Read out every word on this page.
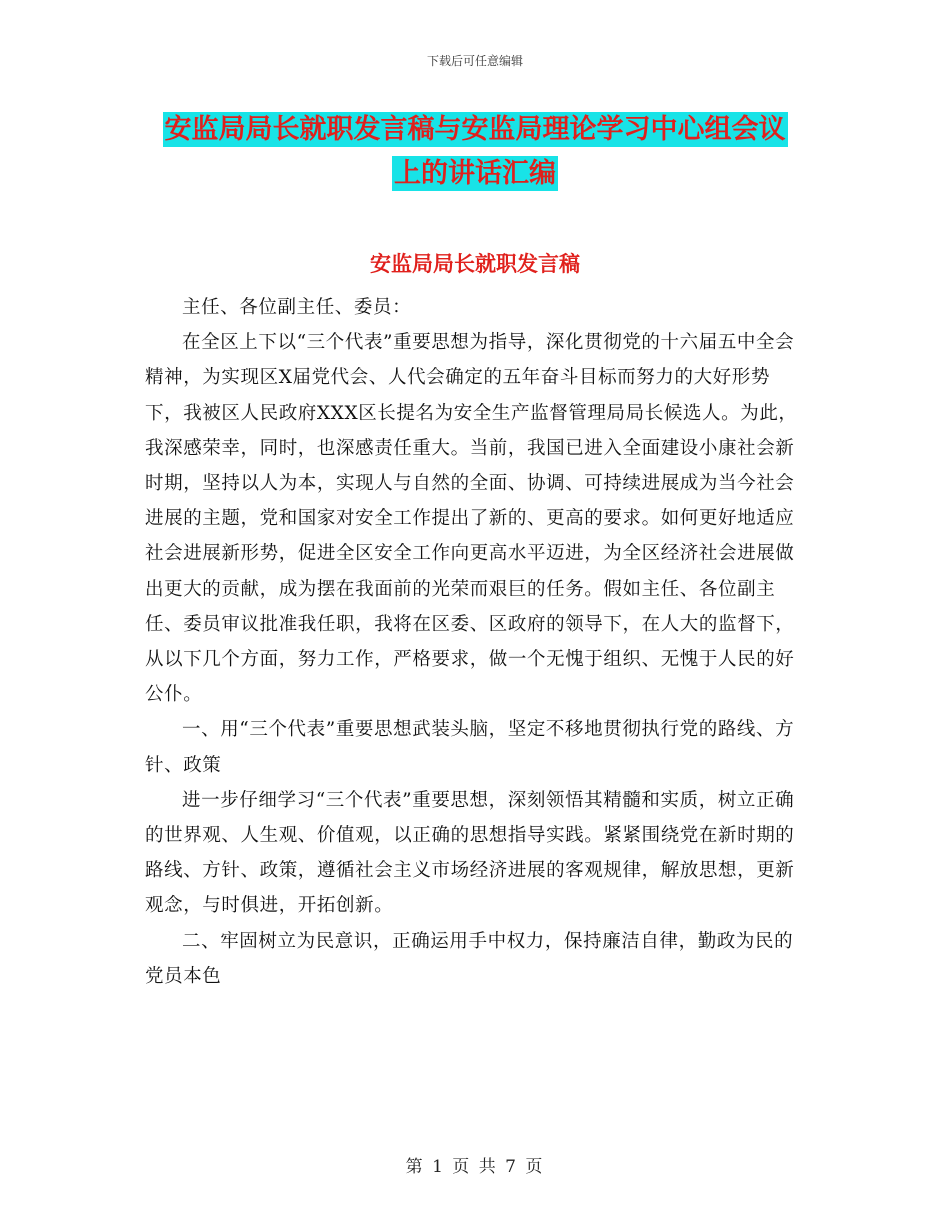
下载后可任意编辑
安监局局长就职发言稿与安监局理论学习中心组会议
上的讲话汇编
安监局局长就职发言稿

主任、各位副主任、委员：

在全区上下以“三个代表”重要思想为指导，深化贯彻党的十六届五中全会精神，为实现区X届党代会、人代会确定的五年奋斗目标而努力的大好形势下，我被区人民政府XXX区长提名为安全生产监督管理局局长候选人。为此，我深感荣幸，同时，也深感责任重大。当前，我国已进入全面建设小康社会新时期，坚持以人为本，实现人与自然的全面、协调、可持续进展成为当今社会进展的主题，党和国家对安全工作提出了新的、更高的要求。如何更好地适应社会进展新形势，促进全区安全工作向更高水平迈进，为全区经济社会进展做出更大的贡献，成为摆在我面前的光荣而艰巨的任务。假如主任、各位副主任、委员审议批准我任职，我将在区委、区政府的领导下，在人大的监督下，从以下几个方面，努力工作，严格要求，做一个无愧于组织、无愧于人民的好公仆。

一、用“三个代表”重要思想武装头脑，坚定不移地贯彻执行党的路线、方针、政策

进一步仔细学习“三个代表”重要思想，深刻领悟其精髓和实质，树立正确的世界观、人生观、价值观，以正确的思想指导实践。紧紧围绕党在新时期的路线、方针、政策，遵循社会主义市场经济进展的客观规律，解放思想，更新观念，与时俱进，开拓创新。

二、牢固树立为民意识，正确运用手中权力，保持廉洁自律，勤政为民的党员本色

第 1 页 共 7 页
